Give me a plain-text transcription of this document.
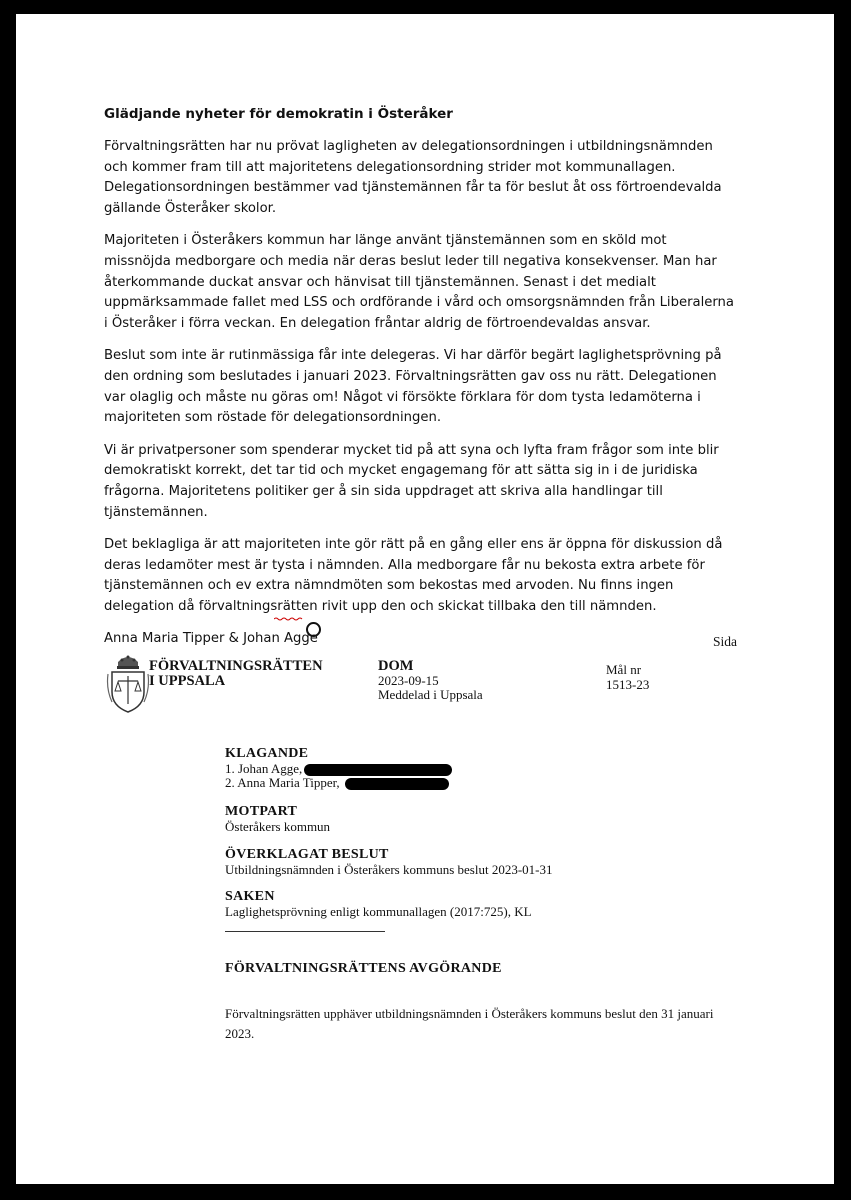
Glädjande nyheter för demokratin i Österåker

Förvaltningsrätten har nu prövat lagligheten av delegationsordningen i utbildningsnämnden och kommer fram till att majoritetens delegationsordning strider mot kommunallagen. Delegationsordningen bestämmer vad tjänstemännen får ta för beslut åt oss förtroendevalda gällande Österåker skolor.

Majoriteten i Österåkers kommun har länge använt tjänstemännen som en sköld mot missnöjda medborgare och media när deras beslut leder till negativa konsekvenser. Man har återkommande duckat ansvar och hänvisat till tjänstemännen. Senast i det medialt uppmärksammade fallet med LSS och ordförande i vård och omsorgsnämnden från Liberalerna i Österåker i förra veckan. En delegation fråntar aldrig de förtroendevaldas ansvar.

Beslut som inte är rutinmässiga får inte delegeras. Vi har därför begärt laglighetsprövning på den ordning som beslutades i januari 2023. Förvaltningsrätten gav oss nu rätt. Delegationen var olaglig och måste nu göras om! Något vi försökte förklara för dom tysta ledamöterna i majoriteten som röstade för delegationsordningen.

Vi är privatpersoner som spenderar mycket tid på att syna och lyfta fram frågor som inte blir demokratiskt korrekt, det tar tid och mycket engagemang för att sätta sig in i de juridiska frågorna. Majoritetens politiker ger å sin sida uppdraget att skriva alla handlingar till tjänstemännen.

Det beklagliga är att majoriteten inte gör rätt på en gång eller ens är öppna för diskussion då deras ledamöter mest är tysta i nämnden. Alla medborgare får nu bekosta extra arbete för tjänstemännen och ev extra nämndmöten som bekostas med arvoden. Nu finns ingen delegation då förvaltningsrätten rivit upp den och skickat tillbaka den till nämnden.

Anna Maria Tipper & Johan Agge	Sida
FÖRVALTNINGSRÄTTEN
I UPPSALA
DOM
2023-09-15
Meddelad i Uppsala
Mål nr
1513-23
KLAGANDE
1. Johan Agge,
2. Anna Maria Tipper,
MOTPART
Österåkers kommun
ÖVERKLAGAT BESLUT
Utbildningsnämnden i Österåkers kommuns beslut 2023-01-31
SAKEN
Laglighetsprövning enligt kommunallagen (2017:725), KL
FÖRVALTNINGSRÄTTENS AVGÖRANDE
Förvaltningsrätten upphäver utbildningsnämnden i Österåkers kommuns beslut den 31 januari 2023.
